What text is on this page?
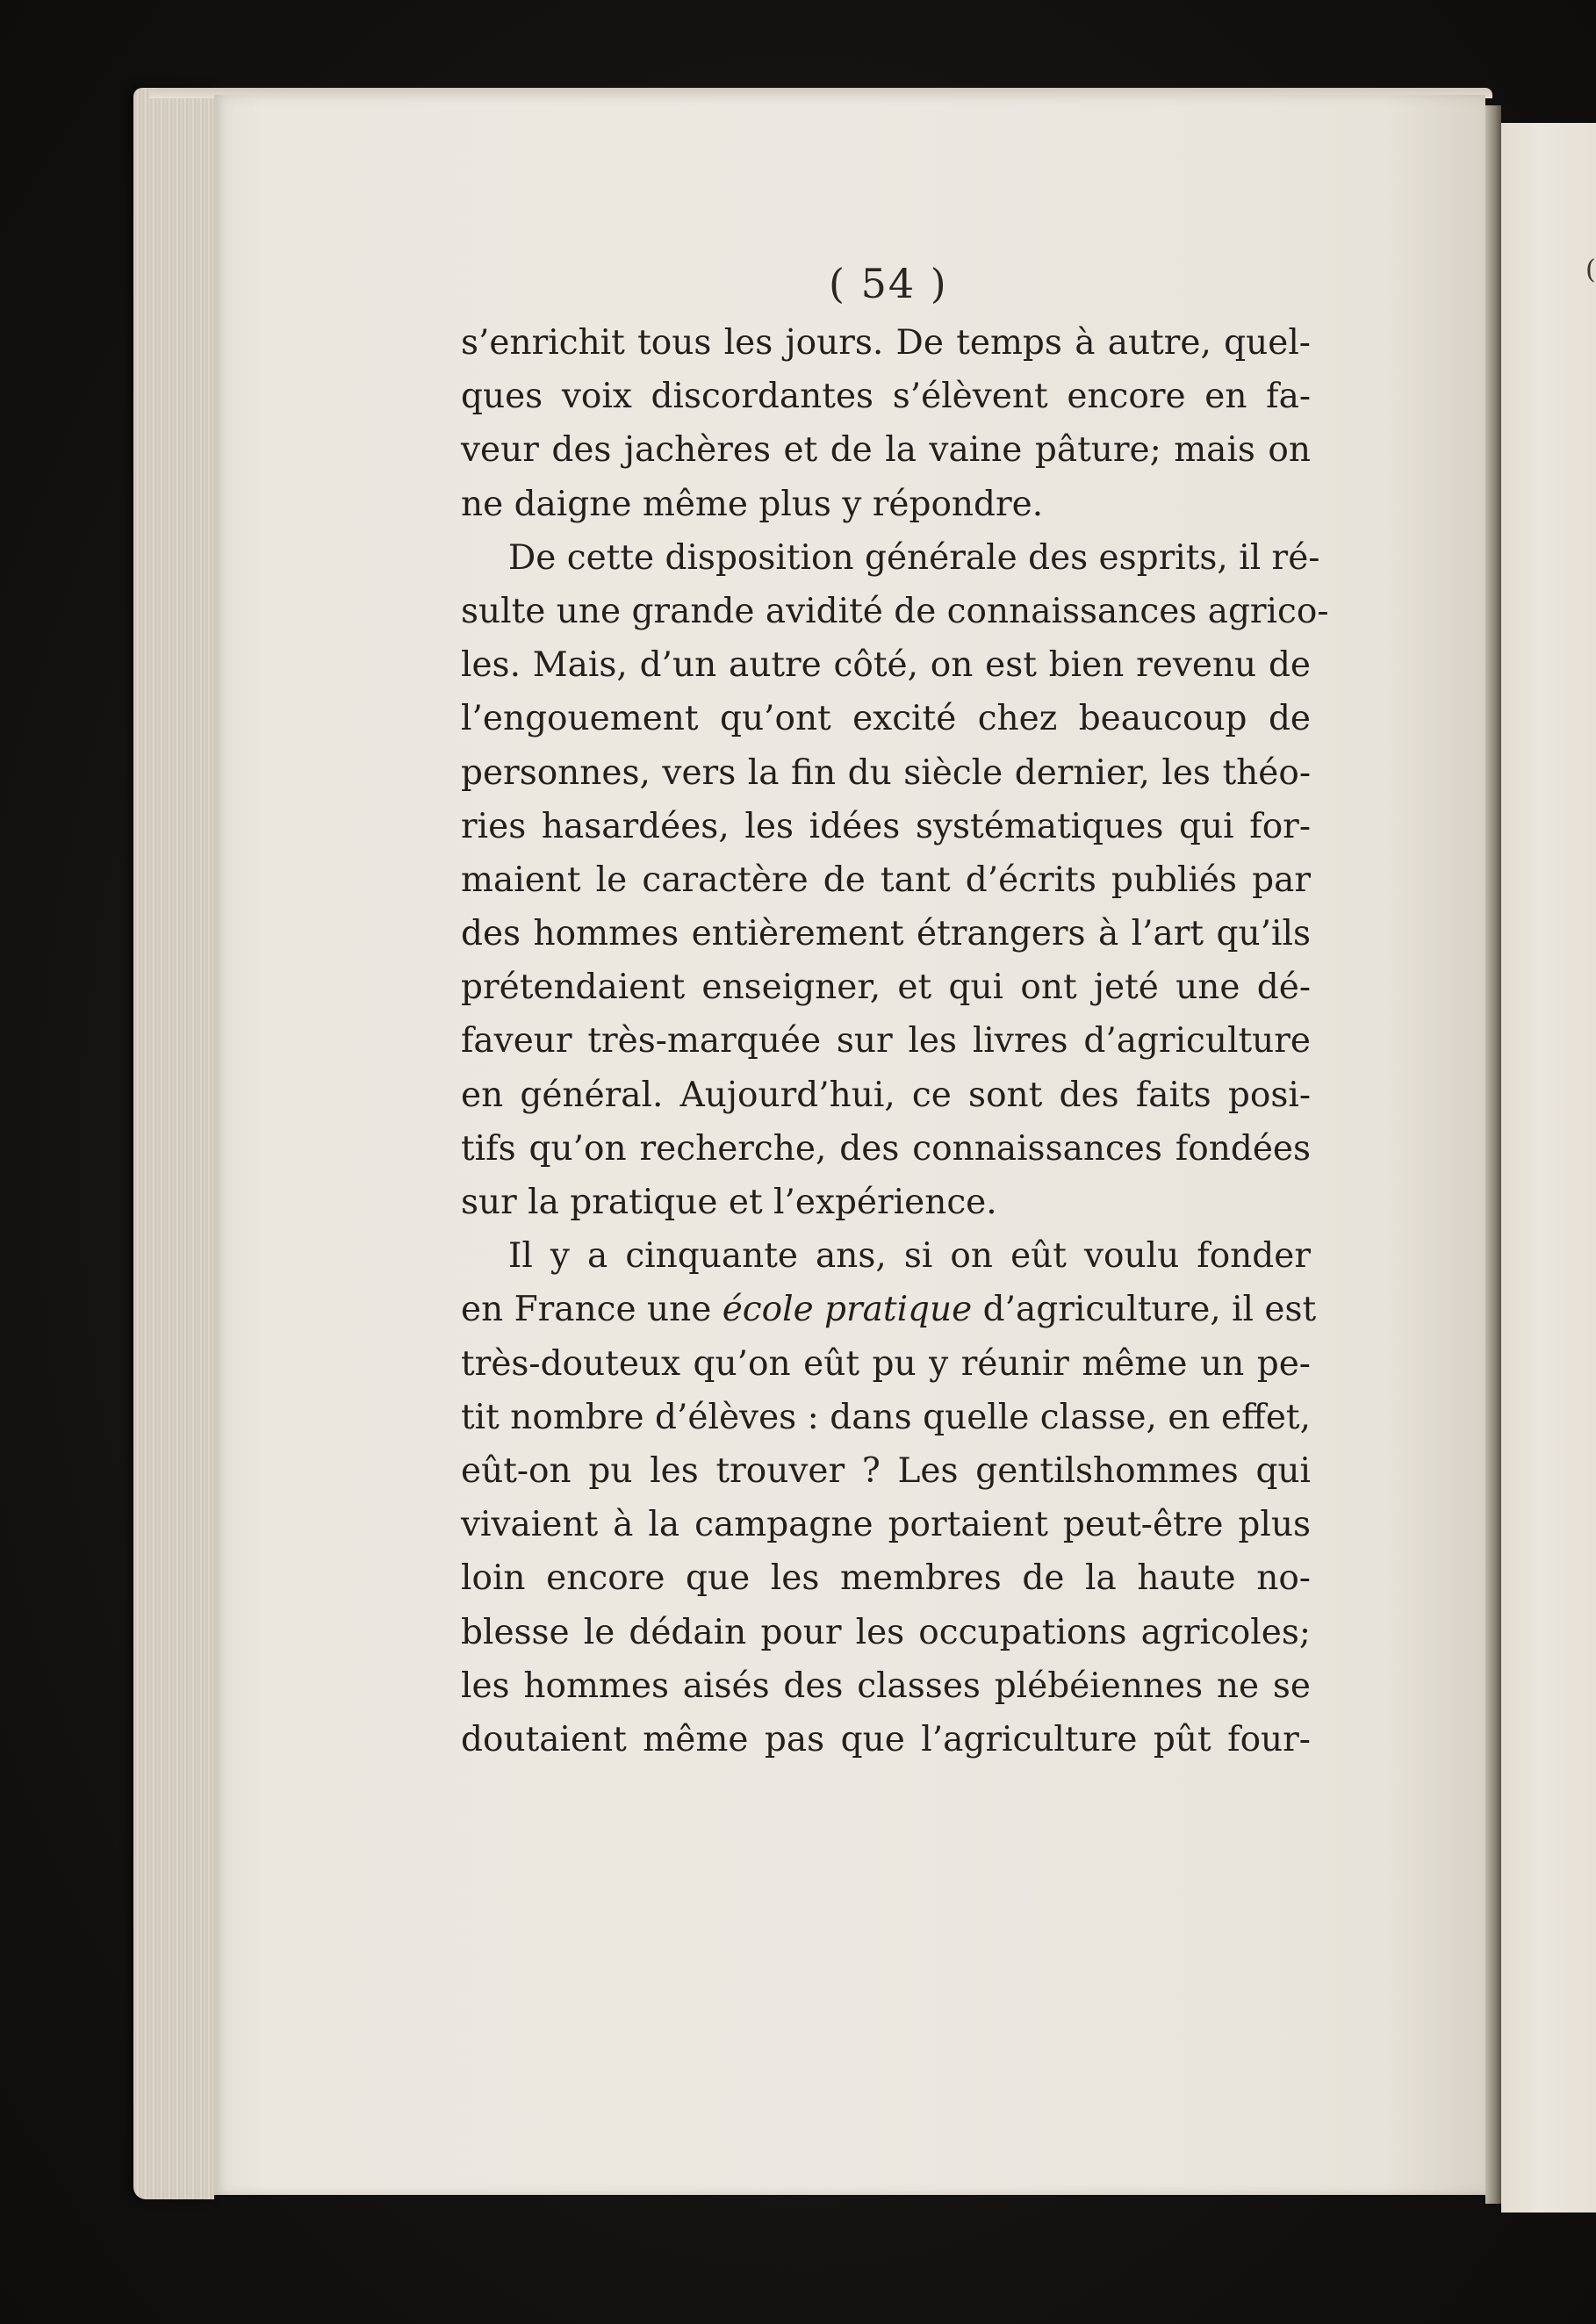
(
( 54 )
s’enrichit tous les jours. De temps à autre, quel-
ques voix discordantes s’élèvent encore en fa-
veur des jachères et de la vaine pâture; mais on
ne daigne même plus y répondre.
De cette disposition générale des esprits, il ré-
sulte une grande avidité de connaissances agrico-
les. Mais, d’un autre côté, on est bien revenu de
l’engouement qu’ont excité chez beaucoup de
personnes, vers la fin du siècle dernier, les théo-
ries hasardées, les idées systématiques qui for-
maient le caractère de tant d’écrits publiés par
des hommes entièrement étrangers à l’art qu’ils
prétendaient enseigner, et qui ont jeté une dé-
faveur très-marquée sur les livres d’agriculture
en général. Aujourd’hui, ce sont des faits posi-
tifs qu’on recherche, des connaissances fondées
sur la pratique et l’expérience.
Il y a cinquante ans, si on eût voulu fonder
en France une école pratique d’agriculture, il est
très-douteux qu’on eût pu y réunir même un pe-
tit nombre d’élèves : dans quelle classe, en effet,
eût-on pu les trouver ? Les gentilshommes qui
vivaient à la campagne portaient peut-être plus
loin encore que les membres de la haute no-
blesse le dédain pour les occupations agricoles;
les hommes aisés des classes plébéiennes ne se
doutaient même pas que l’agriculture pût four-
